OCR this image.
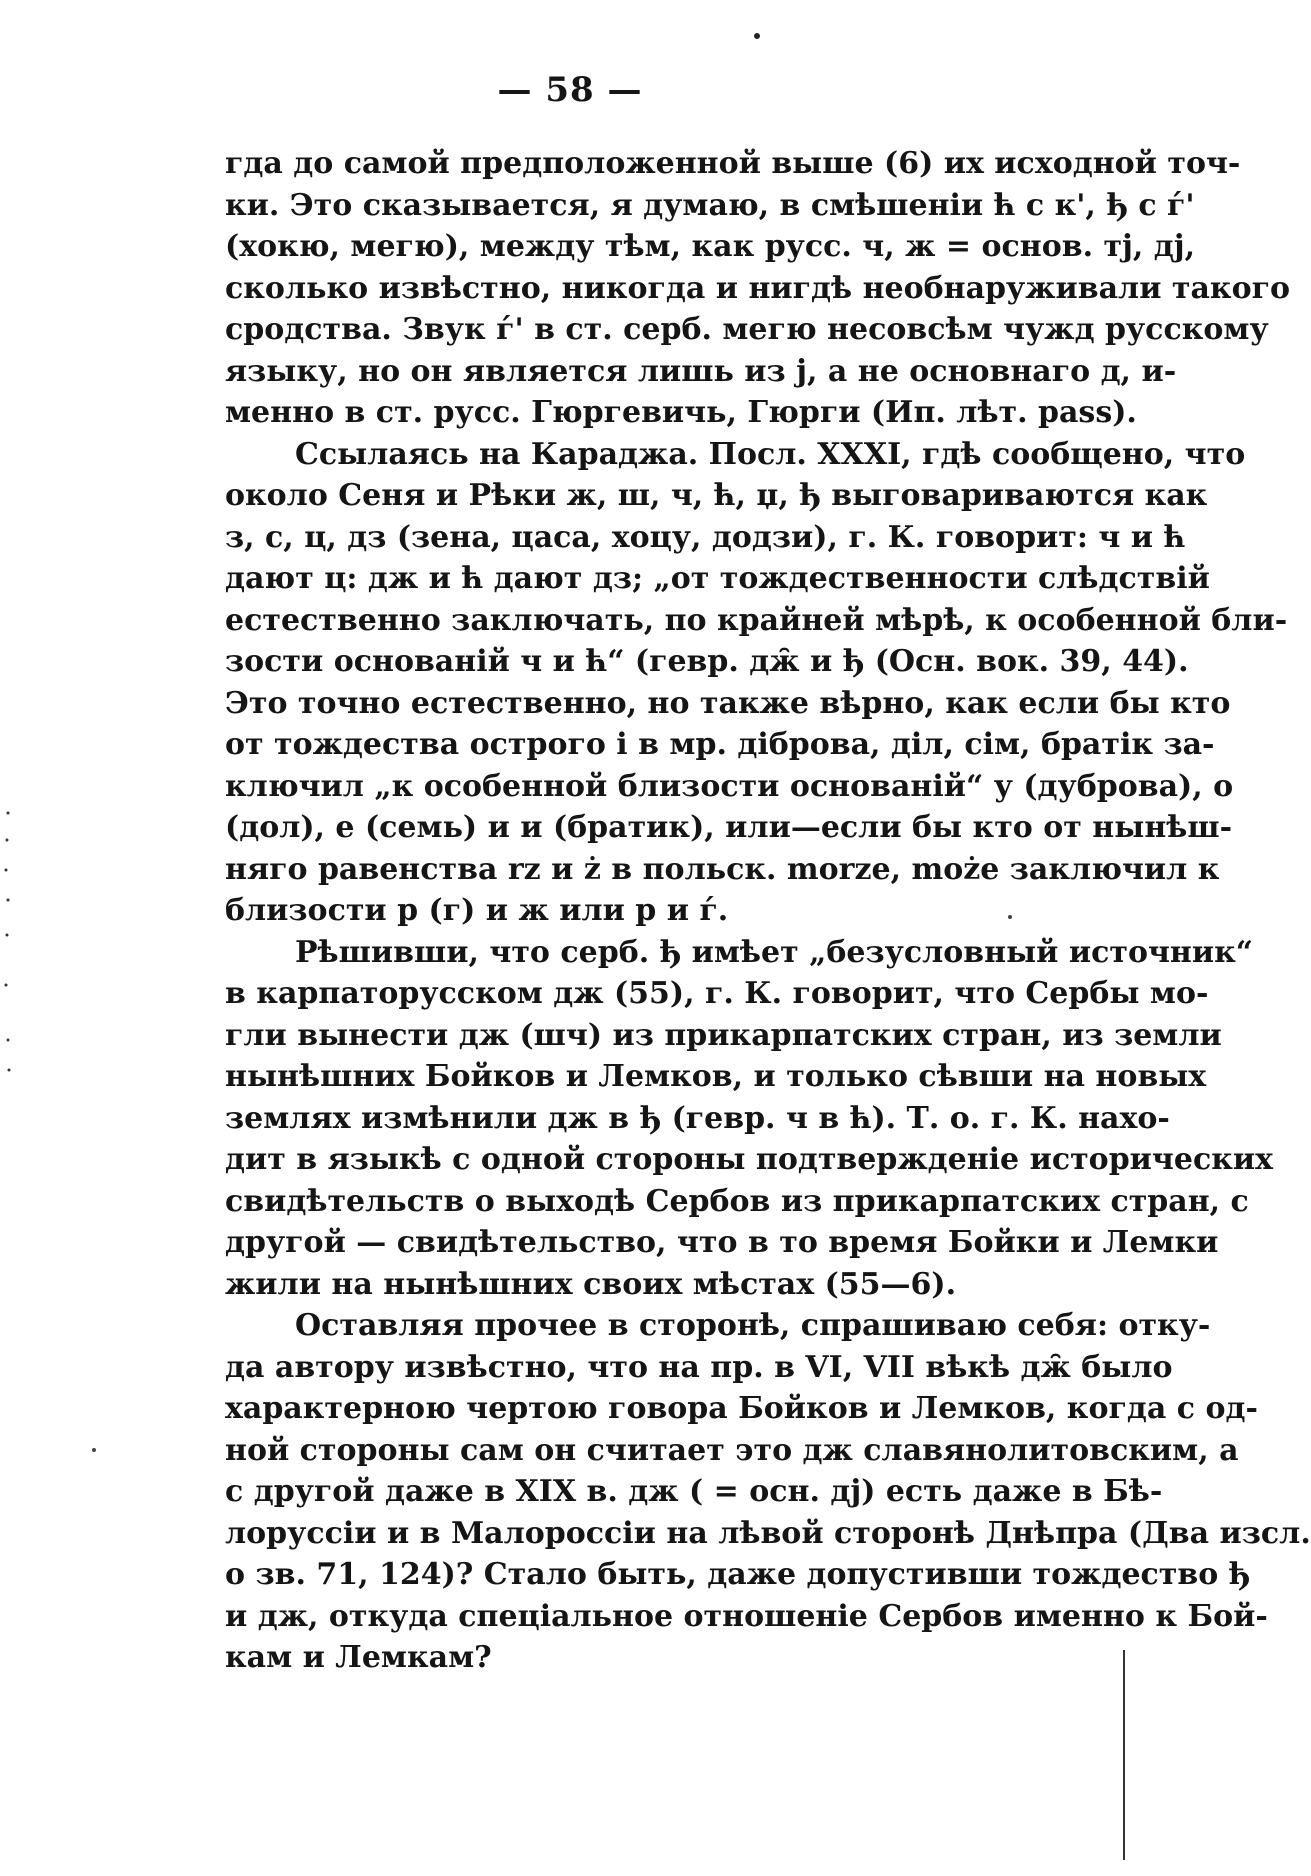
— 58 —
гда до самой предположенной выше (6) их исходной точ-
ки. Это сказывается, я думаю, в смѣшеніи ћ с к', ђ с ѓ'
(хокю, мегю), между тѣм, как русс. ч, ж = основ. тј, дј,
сколько извѣстно, никогда и нигдѣ необнаруживали такого
сродства. Звук ѓ' в ст. серб. мегю несовсѣм чужд русскому
языку, но он является лишь из ј, а не основнаго д, и-
менно в ст. русс. Гюргевичь, Гюрги (Ип. лѣт. pass).
Ссылаясь на Караджа. Посл. XXXI, гдѣ сообщено, что
около Сеня и Рѣки ж, ш, ч, ћ, џ, ђ выговариваются как
з, с, ц, дз (зена, цаса, хоцу, додзи), г. К. говорит: ч и ћ
дают ц: дж и ћ дают дз; „от тождественности слѣдствій
естественно заключать, по крайней мѣрѣ, к особенной бли-
зости основаній ч и ћ“ (гевр. дж̑ и ђ (Осн. вок. 39, 44).
Это точно естественно, но также вѣрно, как если бы кто
от тождества острого і в мр. діброва, діл, сім, братік за-
ключил „к особенной близости основаній“ у (дуброва), о
(дол), е (семь) и и (братик), или—если бы кто от нынѣш-
няго равенства rz и ż в польск. morze, może заключил к
близости р (г) и ж или р и ѓ.
Рѣшивши, что серб. ђ имѣет „безусловный источник“
в карпаторусском дж (55), г. К. говорит, что Сербы мо-
гли вынести дж (шч) из прикарпатских стран, из земли
нынѣшних Бойков и Лемков, и только сѣвши на новых
землях измѣнили дж в ђ (гевр. ч в ћ). Т. о. г. К. нахо-
дит в языкѣ с одной стороны подтвержденіе исторических
свидѣтельств о выходѣ Сербов из прикарпатских стран, с
другой — свидѣтельство, что в то время Бойки и Лемки
жили на нынѣшних своих мѣстах (55—6).
Оставляя прочее в сторонѣ, спрашиваю себя: отку-
да автору извѣстно, что на пр. в VI, VII вѣкѣ дж̑ было
характерною чертою говора Бойков и Лемков, когда с од-
ной стороны сам он считает это дж славянолитовским, а
с другой даже в XIX в. дж ( = осн. дј) есть даже в Бѣ-
лоруссіи и в Малороссіи на лѣвой сторонѣ Днѣпра (Два изсл.
о зв. 71, 124)? Стало быть, даже допустивши тождество ђ
и дж, откуда спеціальное отношеніе Сербов именно к Бой-
кам и Лемкам?
